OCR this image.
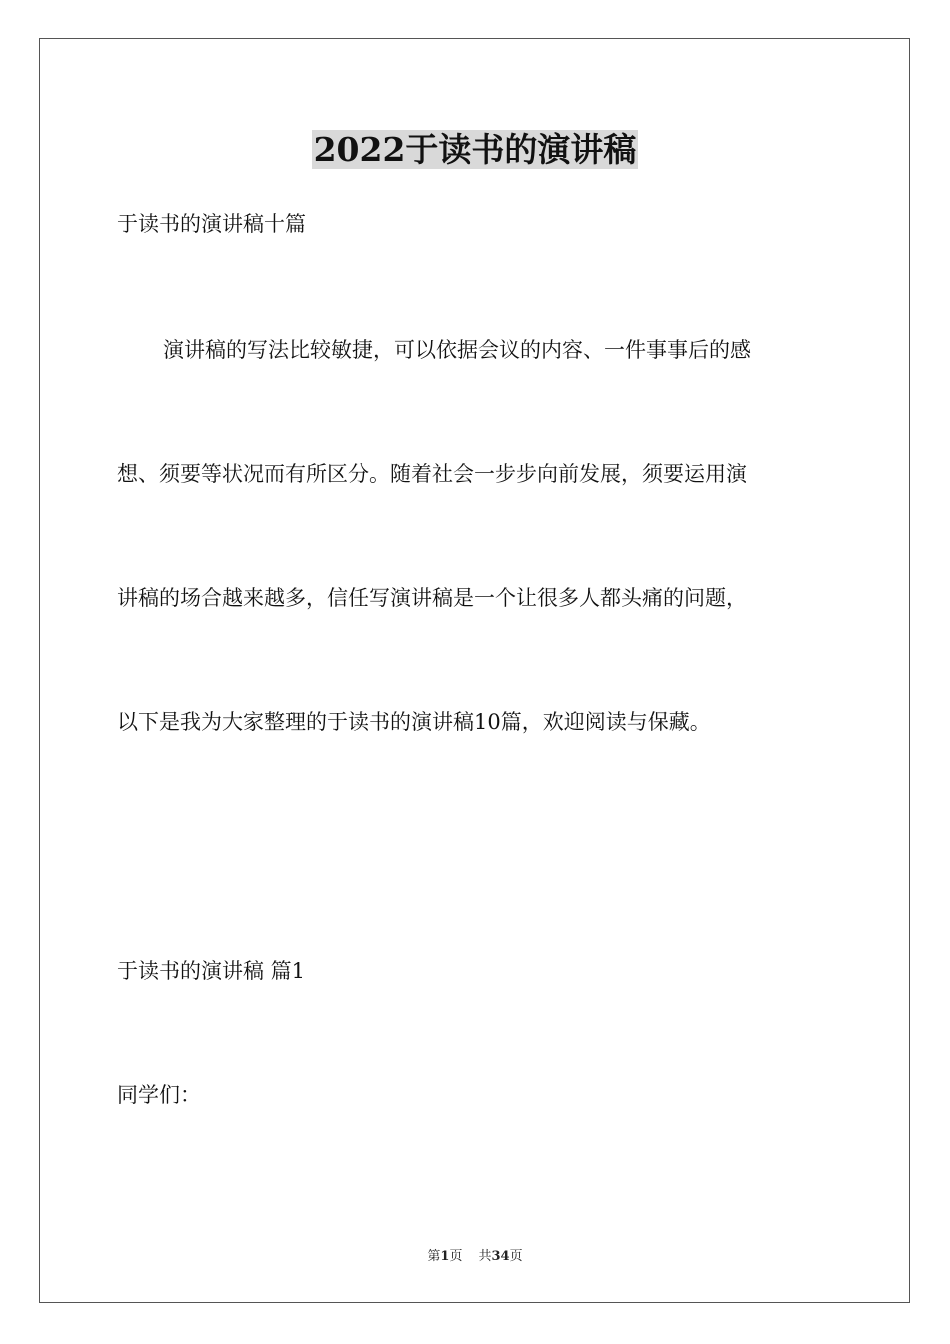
2022于读书的演讲稿

于读书的演讲稿十篇

演讲稿的写法比较敏捷，可以依据会议的内容、一件事事后的感

想、须要等状况而有所区分。随着社会一步步向前发展，须要运用演

讲稿的场合越来越多，信任写演讲稿是一个让很多人都头痛的问题，

以下是我为大家整理的于读书的演讲稿10篇，欢迎阅读与保藏。

于读书的演讲稿 篇1

同学们：

第1页 共34页
